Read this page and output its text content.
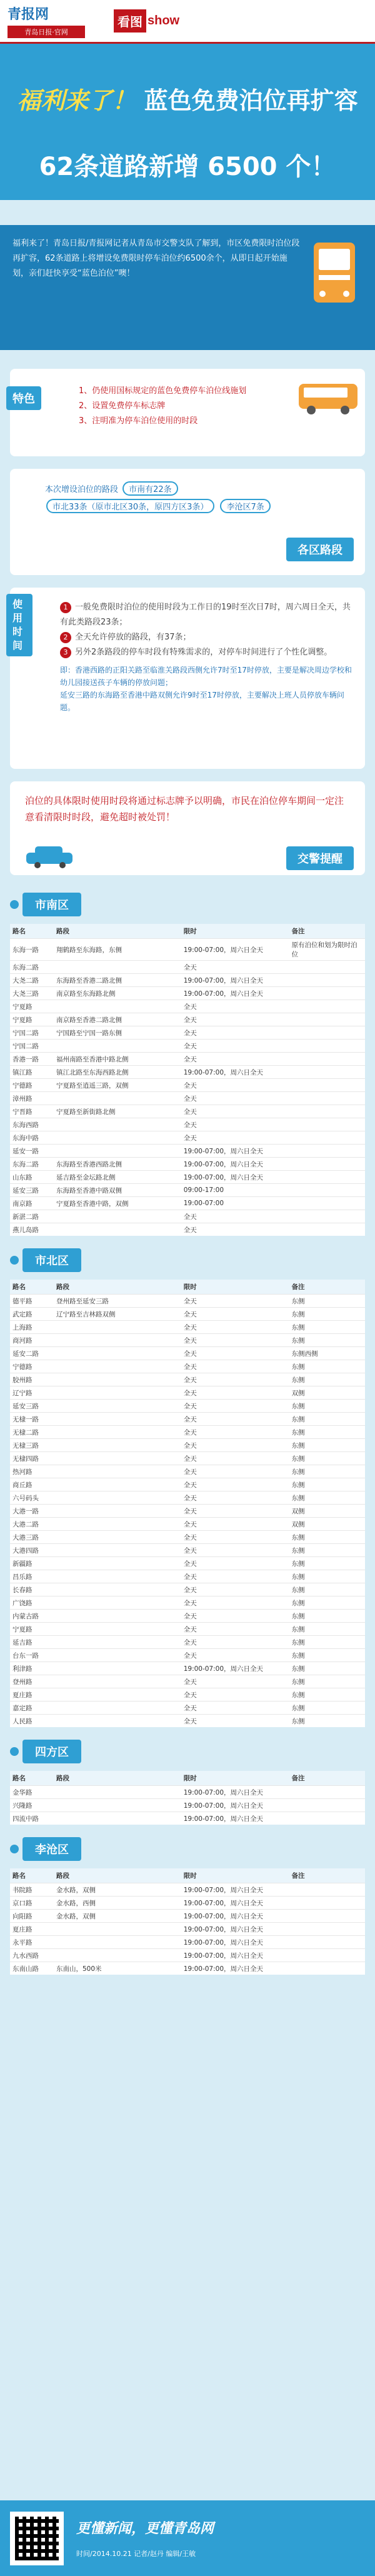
青报网
青岛日报·官网
看图 show
福利来了！ 蓝色免费泊位再扩容
62条道路新增 6500 个！
福利来了！青岛日报/青报网记者从青岛市交警支队了解到，市区免费限时泊位段再扩容，62条道路上将增设免费限时停车泊位约6500余个，从即日起开始施划，亲们赶快享受“蓝色泊位”噢！
特色
1、仍使用国标规定的蓝色免费停车泊位线施划
2、设置免费停车标志牌
3、注明准为停车泊位使用的时段
本次增设泊位的路段 市南有22条 市北33条（原市北区30条，原四方区3条） 李沧区7条
各区路段
使用时间
1 一般免费限时泊位的使用时段为工作日的19时至次日7时，周六周日全天，共有此类路段23条；
2 全天允许停放的路段，有37条；
3 另外2条路段的停车时段有特殊需求的，对停车时间进行了个性化调整。
即：香港西路的正阳关路至临淮关路段西侧允许7时至17时停放，主要是解决周边学校和幼儿园接送孩子车辆的停放问题；
延安三路的东海路至香港中路双侧允许9时至17时停放，主要解决上班人员停放车辆问题。
泊位的具体限时使用时段将通过标志牌予以明确，市民在泊位停车期间一定注意看清限时时段，避免超时被处罚！
交警提醒
市南区
路名	路段	限时	备注
东海一路	翔鹤路至东海路，东侧	19:00-07:00，周六日全天	原有泊位和划为限时泊位
东海二路		全天	
大尧二路	东海路至香港二路北侧	19:00-07:00，周六日全天	
大尧三路	南京路至东海路北侧	19:00-07:00，周六日全天	
宁夏路		全天	
宁夏路	南京路至香港二路北侧	全天	
宁国二路	宁国路至宁国一路东侧	全天	
宁国二路		全天	
香港一路	福州南路至香港中路北侧	全天	
镇江路	镇江北路至东海西路北侧	19:00-07:00，周六日全天	
宁德路	宁夏路至逍遥三路，双侧	全天	
漳州路		全天	
宁晋路	宁夏路至新街路北侧	全天	
东海西路		全天	
东海中路		全天	
延安一路		19:00-07:00，周六日全天	
东海二路	东海路至香港西路北侧	19:00-07:00，周六日全天	
山东路	延吉路至金坛路北侧	19:00-07:00，周六日全天	
延安三路	东海路至香港中路双侧	09:00-17:00	
南京路	宁夏路至香港中路，双侧	19:00-07:00	
新湛二路		全天	
燕儿岛路		全天	
市北区
路名	路段	限时	备注
德平路	登州路至延安三路	全天	东侧
武定路	辽宁路至吉林路双侧	全天	东侧
上海路		全天	东侧
商河路		全天	东侧
延安二路		全天	东侧西侧
宁德路		全天	东侧
胶州路		全天	东侧
辽宁路		全天	双侧
延安三路		全天	东侧
无棣一路		全天	东侧
无棣二路		全天	东侧
无棣三路		全天	东侧
无棣四路		全天	东侧
热河路		全天	东侧
商丘路		全天	东侧
六号码头		全天	东侧
大港一路		全天	双侧
大港二路		全天	双侧
大港三路		全天	东侧
大港四路		全天	东侧
新疆路		全天	东侧
昌乐路		全天	东侧
长春路		全天	东侧
广饶路		全天	东侧
内蒙古路		全天	东侧
宁夏路		全天	东侧
延吉路		全天	东侧
台东一路		全天	东侧
利津路		19:00-07:00，周六日全天	东侧
登州路		全天	东侧
夏庄路		全天	东侧
嘉定路		全天	东侧
人民路		全天	东侧
四方区
路名	路段	限时	备注
金华路		19:00-07:00，周六日全天	
兴隆路		19:00-07:00，周六日全天	
四流中路		19:00-07:00，周六日全天	
李沧区
路名	路段	限时	备注
书院路	金水路，双侧	19:00-07:00，周六日全天	
京口路	金水路，西侧	19:00-07:00，周六日全天	
向阳路	金水路，双侧	19:00-07:00，周六日全天	
夏庄路		19:00-07:00，周六日全天	
永平路		19:00-07:00，周六日全天	
九水西路		19:00-07:00，周六日全天	
东南山路	东南山，500米	19:00-07:00，周六日全天	
更懂新闻，更懂青岛网
时间/2014.10.21 记者/赵丹 编辑/王敏
